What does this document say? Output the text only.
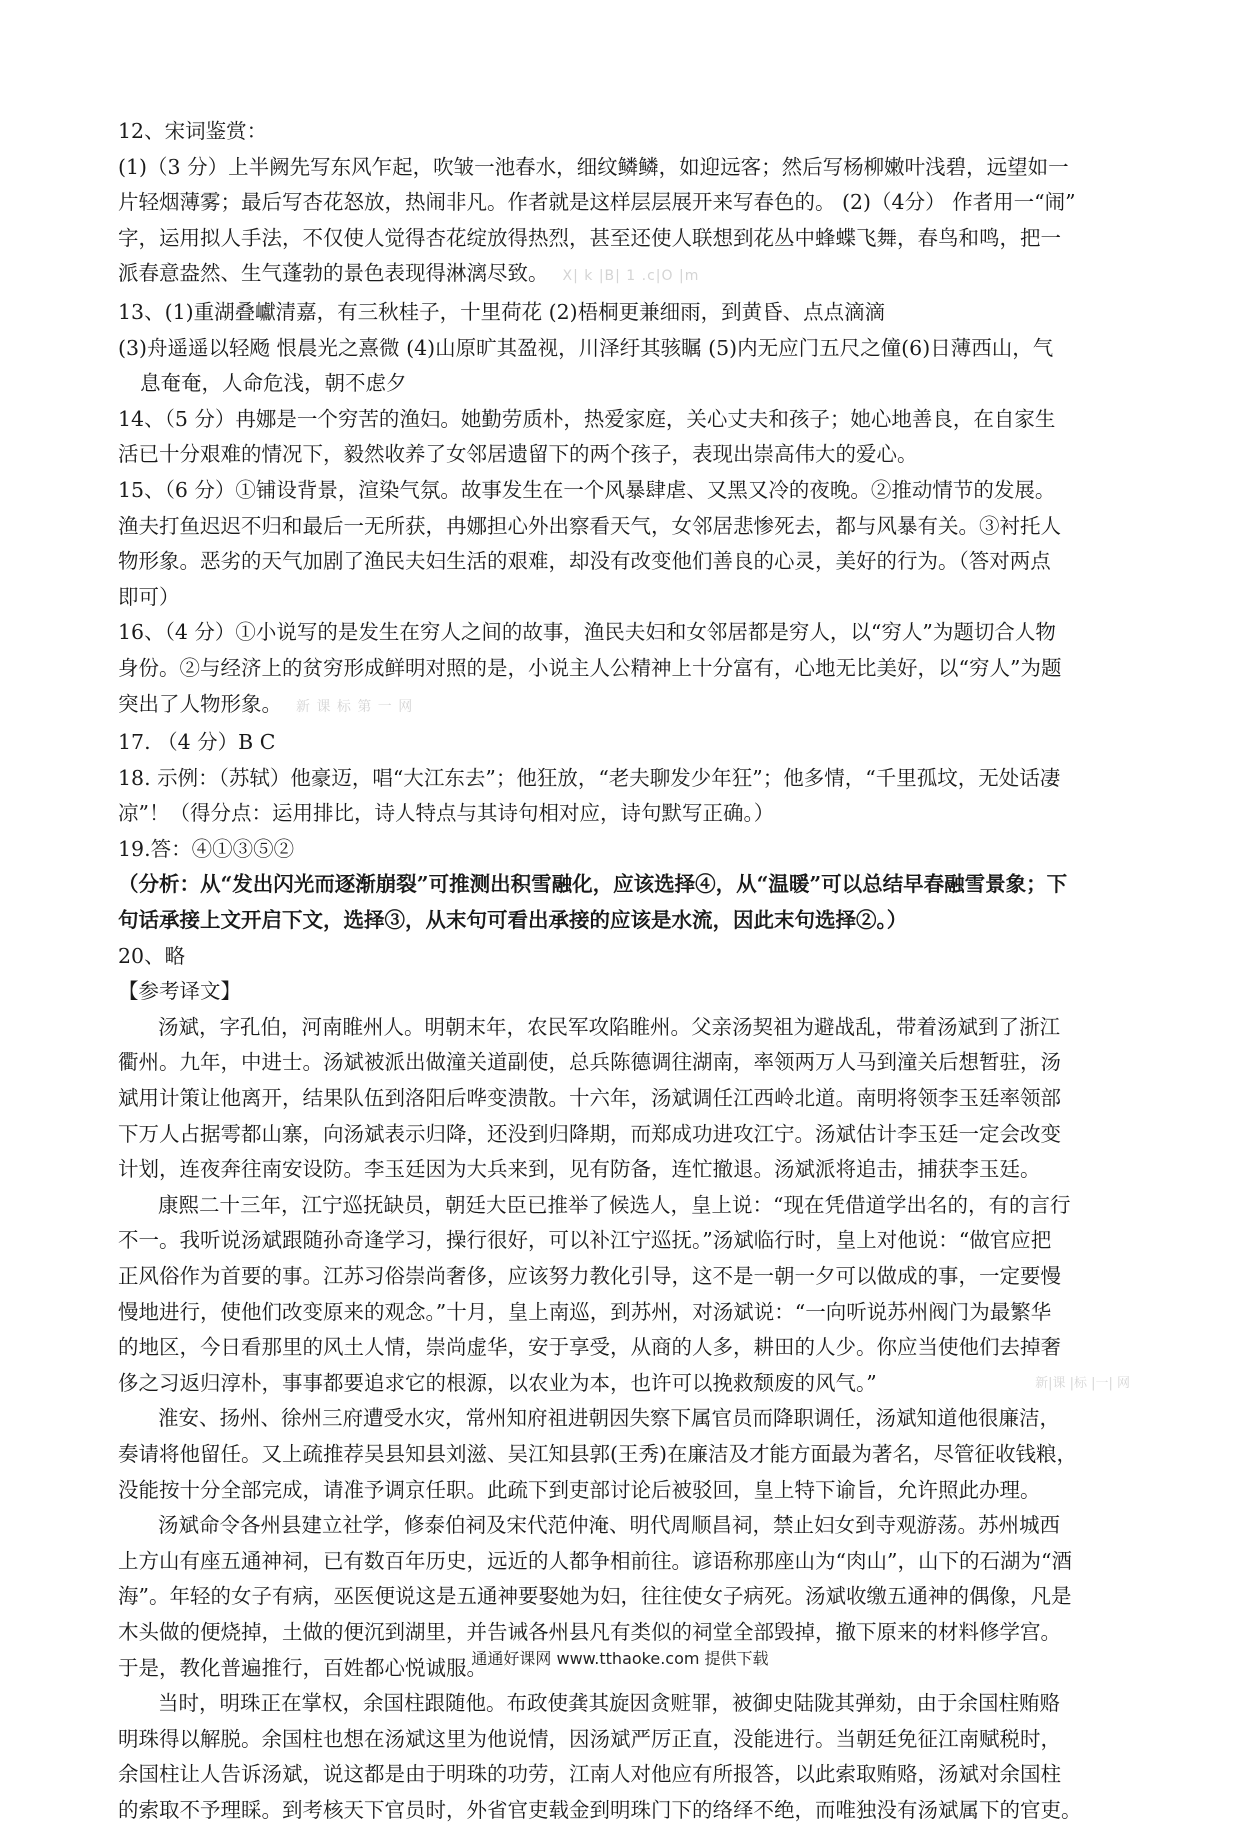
12、宋词鉴赏：
(1)（3 分）上半阙先写东风乍起，吹皱一池春水，细纹鳞鳞，如迎远客；然后写杨柳嫩叶浅碧，远望如一
片轻烟薄雾；最后写杏花怒放，热闹非凡。作者就是这样层层展开来写春色的。 (2)（4分） 作者用一“闹”
字，运用拟人手法，不仅使人觉得杏花绽放得热烈，甚至还使人联想到花丛中蜂蝶飞舞，春鸟和鸣，把一
派春意盎然、生气蓬勃的景色表现得淋漓尽致。 X| k |B| 1 .c|O |m
13、(1)重湖叠巘清嘉，有三秋桂子，十里荷花 (2)梧桐更兼细雨，到黄昏、点点滴滴
(3)舟遥遥以轻飏 恨晨光之熹微 (4)山原旷其盈视，川泽纡其骇瞩 (5)内无应门五尺之僮(6)日薄西山，气
息奄奄，人命危浅，朝不虑夕
14、（5 分）冉娜是一个穷苦的渔妇。她勤劳质朴，热爱家庭，关心丈夫和孩子；她心地善良，在自家生
活已十分艰难的情况下，毅然收养了女邻居遗留下的两个孩子，表现出崇高伟大的爱心。
15、（6 分）①铺设背景，渲染气氛。故事发生在一个风暴肆虐、又黑又冷的夜晚。②推动情节的发展。
渔夫打鱼迟迟不归和最后一无所获，冉娜担心外出察看天气，女邻居悲惨死去，都与风暴有关。③衬托人
物形象。恶劣的天气加剧了渔民夫妇生活的艰难，却没有改变他们善良的心灵，美好的行为。（答对两点
即可）
16、（4 分）①小说写的是发生在穷人之间的故事，渔民夫妇和女邻居都是穷人，以“穷人”为题切合人物
身份。②与经济上的贫穷形成鲜明对照的是，小说主人公精神上十分富有，心地无比美好，以“穷人”为题
突出了人物形象。 新 课 标 第 一 网
17. （4 分）B C
18. 示例：（苏轼）他豪迈，唱“大江东去”；他狂放，“老夫聊发少年狂”；他多情，“千里孤坟，无处话凄
凉”！（得分点：运用排比，诗人特点与其诗句相对应，诗句默写正确。）
19.答：④①③⑤②
（分析：从“发出闪光而逐渐崩裂”可推测出积雪融化，应该选择④，从“温暖”可以总结早春融雪景象；下
句话承接上文开启下文，选择③，从末句可看出承接的应该是水流，因此末句选择②。）
20、略
【参考译文】
汤斌，字孔伯，河南睢州人。明朝末年，农民军攻陷睢州。父亲汤契祖为避战乱，带着汤斌到了浙江
衢州。九年，中进士。汤斌被派出做潼关道副使，总兵陈德调往湖南，率领两万人马到潼关后想暂驻，汤
斌用计策让他离开，结果队伍到洛阳后哗变溃散。十六年，汤斌调任江西岭北道。南明将领李玉廷率领部
下万人占据雩都山寨，向汤斌表示归降，还没到归降期，而郑成功进攻江宁。汤斌估计李玉廷一定会改变
计划，连夜奔往南安设防。李玉廷因为大兵来到，见有防备，连忙撤退。汤斌派将追击，捕获李玉廷。
康熙二十三年，江宁巡抚缺员，朝廷大臣已推举了候选人，皇上说：“现在凭借道学出名的，有的言行
不一。我听说汤斌跟随孙奇逢学习，操行很好，可以补江宁巡抚。”汤斌临行时，皇上对他说：“做官应把
正风俗作为首要的事。江苏习俗崇尚奢侈，应该努力教化引导，这不是一朝一夕可以做成的事，一定要慢
慢地进行，使他们改变原来的观念。”十月，皇上南巡，到苏州，对汤斌说：“一向听说苏州阀门为最繁华
的地区，今日看那里的风土人情，崇尚虚华，安于享受，从商的人多，耕田的人少。你应当使他们去掉奢
侈之习返归淳朴，事事都要追求它的根源，以农业为本，也许可以挽救颓废的风气。”	新|课 |标 |一| 网
淮安、扬州、徐州三府遭受水灾，常州知府祖进朝因失察下属官员而降职调任，汤斌知道他很廉洁，
奏请将他留任。又上疏推荐吴县知县刘滋、吴江知县郭(王秀)在廉洁及才能方面最为著名，尽管征收钱粮，
没能按十分全部完成，请准予调京任职。此疏下到吏部讨论后被驳回，皇上特下谕旨，允许照此办理。
汤斌命令各州县建立社学，修泰伯祠及宋代范仲淹、明代周顺昌祠，禁止妇女到寺观游荡。苏州城西
上方山有座五通神祠，已有数百年历史，远近的人都争相前往。谚语称那座山为“肉山”，山下的石湖为“酒
海”。年轻的女子有病，巫医便说这是五通神要娶她为妇，往往使女子病死。汤斌收缴五通神的偶像，凡是
木头做的便烧掉，土做的便沉到湖里，并告诫各州县凡有类似的祠堂全部毁掉，撤下原来的材料修学宫。
于是，教化普遍推行，百姓都心悦诚服。
当时，明珠正在掌权，余国柱跟随他。布政使龚其旋因贪赃罪，被御史陆陇其弹劾，由于余国柱贿赂
明珠得以解脱。余国柱也想在汤斌这里为他说情，因汤斌严厉正直，没能进行。当朝廷免征江南赋税时，
余国柱让人告诉汤斌，说这都是由于明珠的功劳，江南人对他应有所报答，以此索取贿赂，汤斌对余国柱
的索取不予理睬。到考核天下官员时，外省官吏载金到明珠门下的络绎不绝，而唯独没有汤斌属下的官吏。
通通好课网 www.tthaoke.com 提供下载
